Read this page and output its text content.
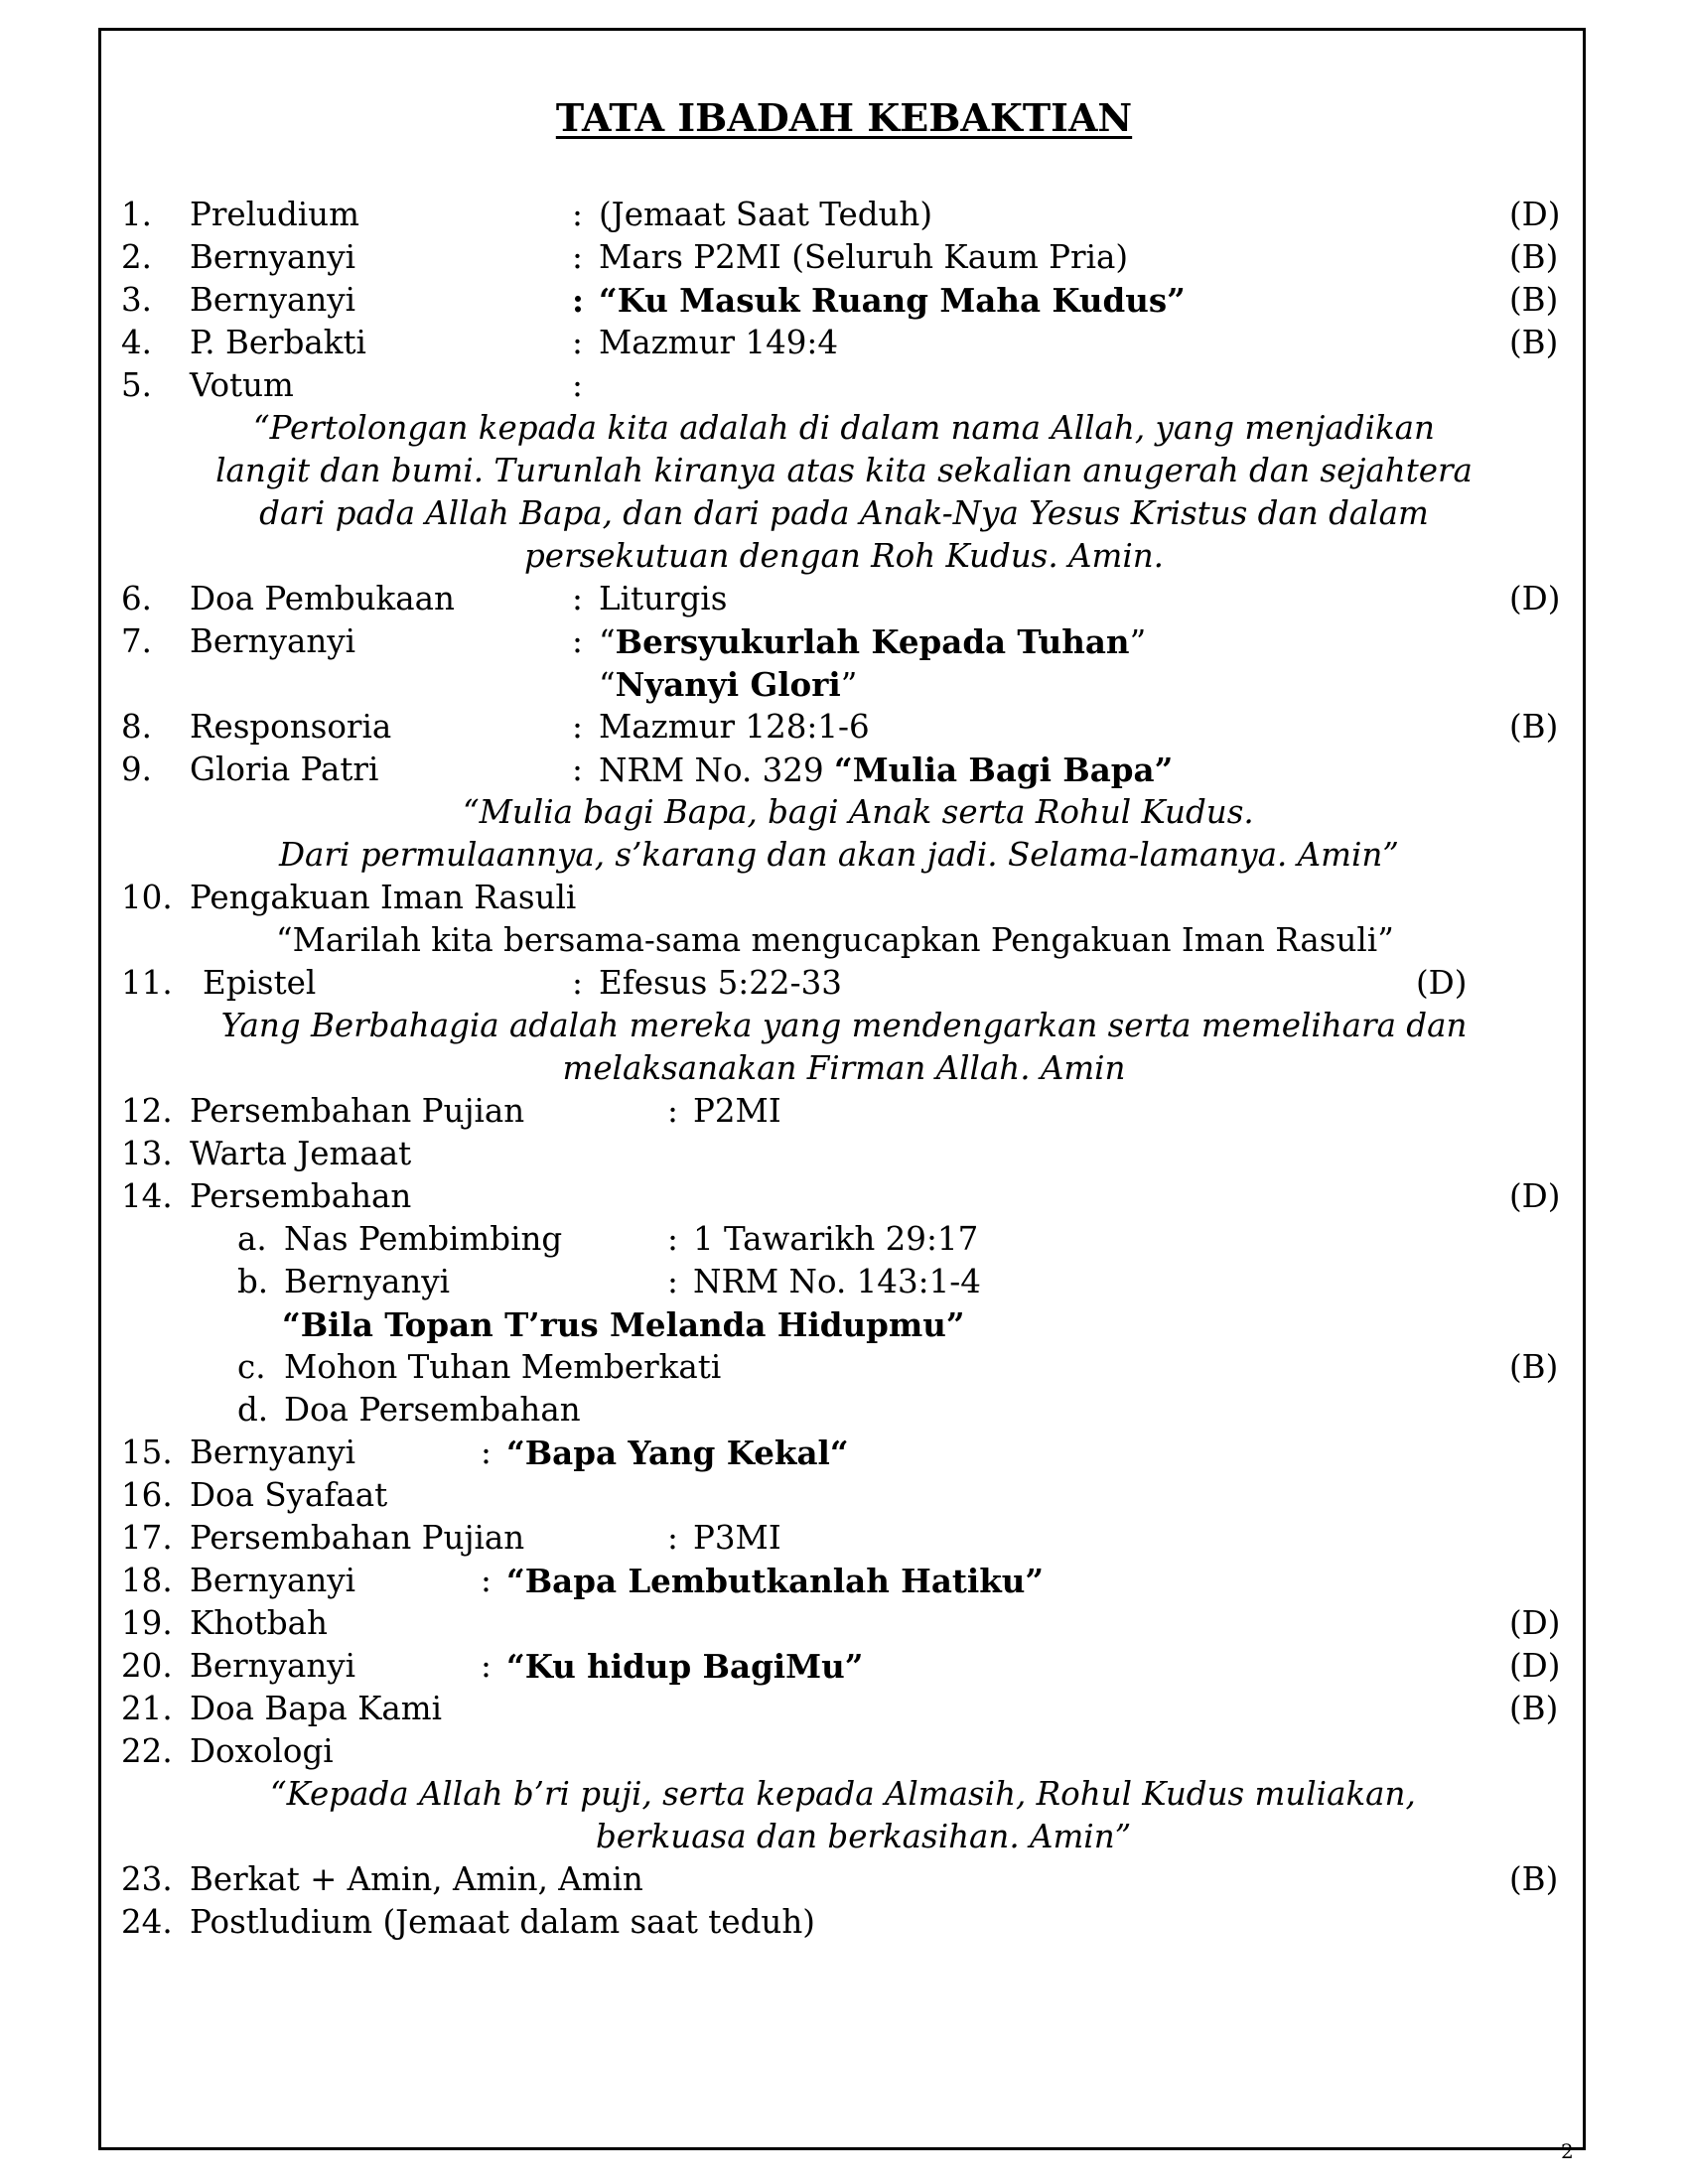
TATA IBADAH KEBAKTIAN
1. Preludium	: (Jemaat Saat Teduh)	(D)
2. Bernyanyi	: Mars P2MI (Seluruh Kaum Pria)	(B)
3. Bernyanyi	: “Ku Masuk Ruang Maha Kudus”	(B)
4. P. Berbakti	: Mazmur 149:4	(B)
5. Votum	:
“Pertolongan kepada kita adalah di dalam nama Allah, yang menjadikan
langit dan bumi. Turunlah kiranya atas kita sekalian anugerah dan sejahtera
dari pada Allah Bapa, dan dari pada Anak-Nya Yesus Kristus dan dalam
persekutuan dengan Roh Kudus. Amin.
6. Doa Pembukaan	: Liturgis	(D)
7. Bernyanyi	: “Bersyukurlah Kepada Tuhan”
“Nyanyi Glori”
8. Responsoria	: Mazmur 128:1-6	(B)
9. Gloria Patri	: NRM No. 329 “Mulia Bagi Bapa”
“Mulia bagi Bapa, bagi Anak serta Rohul Kudus.
Dari permulaannya, s’karang dan akan jadi. Selama-lamanya. Amin”
10. Pengakuan Iman Rasuli
“Marilah kita bersama-sama mengucapkan Pengakuan Iman Rasuli”
11. Epistel	: Efesus 5:22-33	(D)
Yang Berbahagia adalah mereka yang mendengarkan serta memelihara dan
melaksanakan Firman Allah. Amin
12. Persembahan Pujian	: P2MI
13. Warta Jemaat
14. Persembahan	(D)
a. Nas Pembimbing	: 1 Tawarikh 29:17
b. Bernyanyi	: NRM No. 143:1-4
“Bila Topan T’rus Melanda Hidupmu”
c. Mohon Tuhan Memberkati	(B)
d. Doa Persembahan
15. Bernyanyi	: “Bapa Yang Kekal“
16. Doa Syafaat
17. Persembahan Pujian	: P3MI
18. Bernyanyi	: “Bapa Lembutkanlah Hatiku”
19. Khotbah	(D)
20. Bernyanyi	: “Ku hidup BagiMu”	(D)
21. Doa Bapa Kami	(B)
22. Doxologi
“Kepada Allah b’ri puji, serta kepada Almasih, Rohul Kudus muliakan,
berkuasa dan berkasihan. Amin”
23. Berkat + Amin, Amin, Amin	(B)
24. Postludium (Jemaat dalam saat teduh)
2
